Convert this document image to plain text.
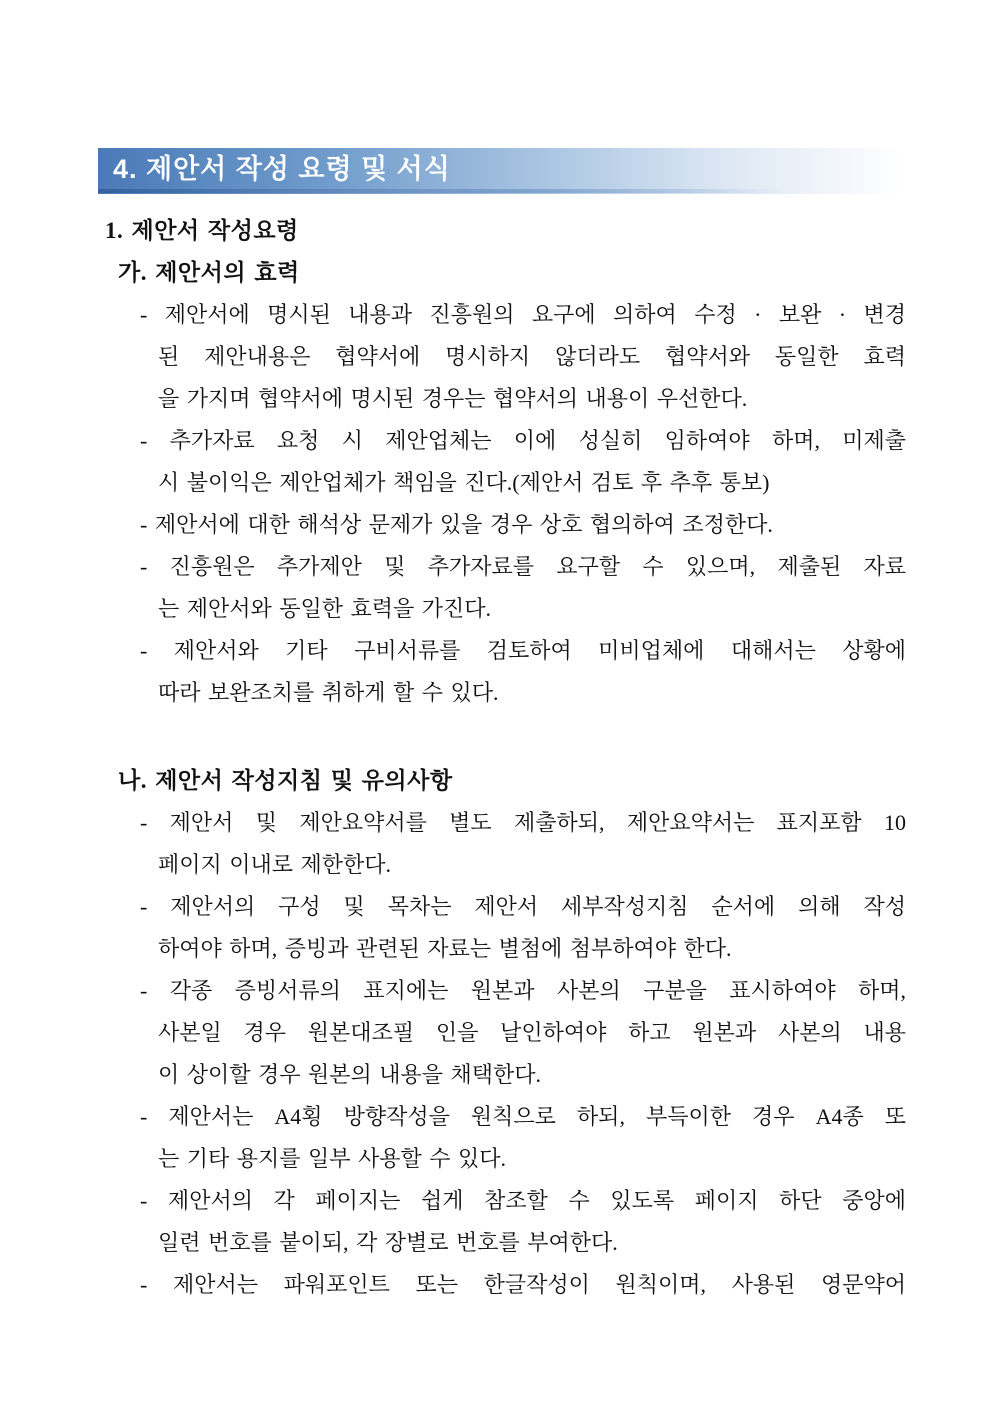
4. 제안서 작성 요령 및 서식
1. 제안서 작성요령
가. 제안서의 효력
- 제안서에 명시된 내용과 진흥원의 요구에 의하여 수정 · 보완 · 변경
된 제안내용은 협약서에 명시하지 않더라도 협약서와 동일한 효력
을 가지며 협약서에 명시된 경우는 협약서의 내용이 우선한다.
- 추가자료 요청 시 제안업체는 이에 성실히 임하여야 하며, 미제출
시 불이익은 제안업체가 책임을 진다.(제안서 검토 후 추후 통보)
- 제안서에 대한 해석상 문제가 있을 경우 상호 협의하여 조정한다.
- 진흥원은 추가제안 및 추가자료를 요구할 수 있으며, 제출된 자료
는 제안서와 동일한 효력을 가진다.
- 제안서와 기타 구비서류를 검토하여 미비업체에 대해서는 상황에
따라 보완조치를 취하게 할 수 있다.
나. 제안서 작성지침 및 유의사항
- 제안서 및 제안요약서를 별도 제출하되, 제안요약서는 표지포함 10
페이지 이내로 제한한다.
- 제안서의 구성 및 목차는 제안서 세부작성지침 순서에 의해 작성
하여야 하며, 증빙과 관련된 자료는 별첨에 첨부하여야 한다.
- 각종 증빙서류의 표지에는 원본과 사본의 구분을 표시하여야 하며,
사본일 경우 원본대조필 인을 날인하여야 하고 원본과 사본의 내용
이 상이할 경우 원본의 내용을 채택한다.
- 제안서는 A4횡 방향작성을 원칙으로 하되, 부득이한 경우 A4종 또
는 기타 용지를 일부 사용할 수 있다.
- 제안서의 각 페이지는 쉽게 참조할 수 있도록 페이지 하단 중앙에
일련 번호를 붙이되, 각 장별로 번호를 부여한다.
- 제안서는 파워포인트 또는 한글작성이 원칙이며, 사용된 영문약어
